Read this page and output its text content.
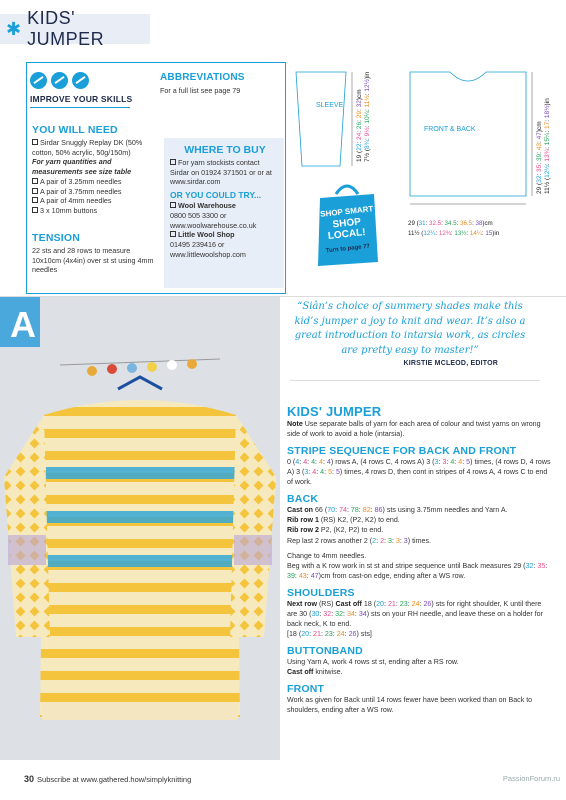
✱
KIDS' JUMPER
IMPROVE YOUR SKILLS
YOU WILL NEED
Sirdar Snuggly Replay DK (50% cotton, 50% acrylic, 50g/150m)
For yarn quantities and measurements see size table
A pair of 3.25mm needles
A pair of 3.75mm needles
A pair of 4mm needles
3 x 10mm buttons
TENSION
22 sts and 28 rows to measure 10x10cm (4x4in) over st st using 4mm needles
ABBREVIATIONS
For a full list see page 79
WHERE TO BUY
For yarn stockists contact Sirdar on 01924 371501 or or at www.sirdar.com
OR YOU COULD TRY...
Wool Warehouse
0800 505 3300 or www.woolwarehouse.co.uk
Little Wool Shop
01495 239416 or www.littlewoolshop.com
SLEEVE
FRONT & BACK
19 (22: 24: 26: 29: 32)cm
7½ (8¾: 9½: 10¼: 11½: 12½)in
29 (32: 35: 39: 43: 47)cm
11½ (12½: 13¾: 15¼: 17: 18½)in
29 (31: 32.5: 34.5: 36.5: 38)cm
11½ (12¼: 12¾: 13½: 14¼: 15)in
SHOP SMART
SHOP
LOCAL!
Turn to page 77
A	“Siân’s choice of summery shades make this kid’s jumper a joy to knit and wear. It’s also a great introduction to intarsia work, as circles are pretty easy to master!”
KIRSTIE MCLEOD, EDITOR
KIDS' JUMPER

Note Use separate balls of yarn for each area of colour and twist yarns on wrong side of work to avoid a hole (intarsia).

STRIPE SEQUENCE FOR BACK AND FRONT

0 (4: 4: 4: 4: 4) rows A, (4 rows C, 4 rows A) 3 (3: 3: 4: 4: 5) times, (4 rows D, 4 rows A) 3 (3: 4: 4: 5: 5) times, 4 rows D, then cont in stripes of 4 rows A, 4 rows C to end of work.

BACK

Cast on 66 (70: 74: 78: 82: 86) sts using 3.75mm needles and Yarn A.
Rib row 1 (RS) K2, (P2, K2) to end.
Rib row 2 P2, (K2, P2) to end.
Rep last 2 rows another 2 (2: 2: 3: 3: 3) times.

Change to 4mm needles.
Beg with a K row work in st st and stripe sequence until Back measures 29 (32: 35: 39: 43: 47)cm from cast-on edge, ending after a WS row.

SHOULDERS

Next row (RS) Cast off 18 (20: 21: 23: 24: 26) sts for right shoulder, K until there are 30 (30: 32: 32: 34: 34) sts on your RH needle, and leave these on a holder for back neck, K to end.
[18 (20: 21: 23: 24: 26) sts]

BUTTONBAND

Using Yarn A, work 4 rows st st, ending after a RS row.
Cast off knitwise.

FRONT

Work as given for Back until 14 rows fewer have been worked than on Back to shoulders, ending after a WS row.

30 Subscribe at www.gathered.how/simplyknitting	PassionForum.ru
